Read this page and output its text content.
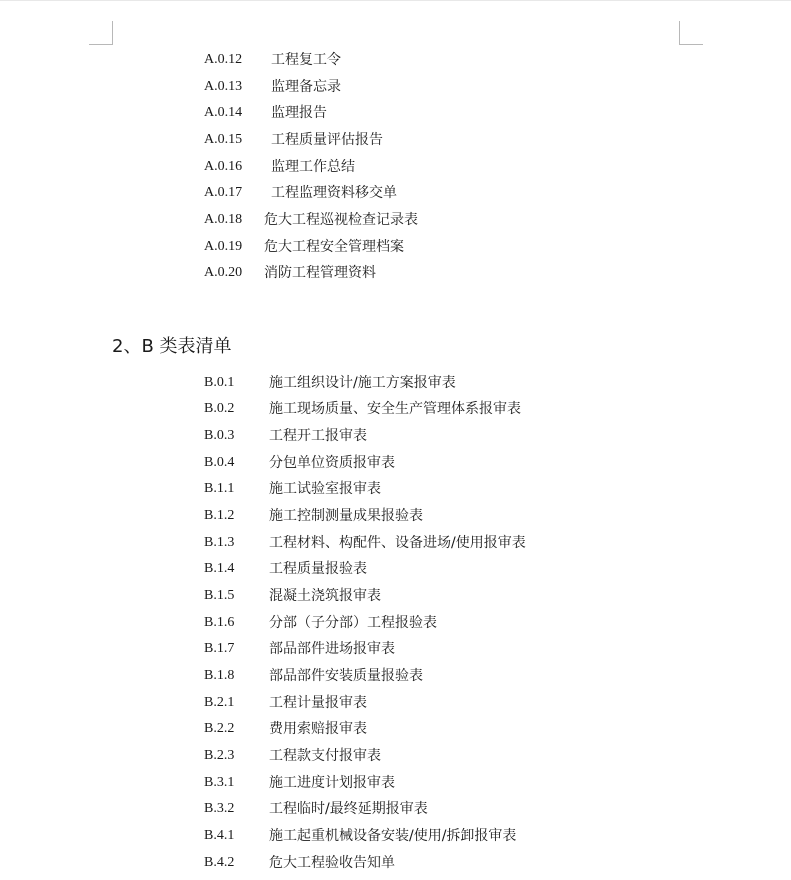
A.0.12 工程复工令
A.0.13 监理备忘录
A.0.14 监理报告
A.0.15 工程质量评估报告
A.0.16 监理工作总结
A.0.17 工程监理资料移交单
A.0.18 危大工程巡视检查记录表
A.0.19 危大工程安全管理档案
A.0.20 消防工程管理资料
2、B 类表清单
B.0.1 施工组织设计/施工方案报审表
B.0.2 施工现场质量、安全生产管理体系报审表
B.0.3 工程开工报审表
B.0.4 分包单位资质报审表
B.1.1 施工试验室报审表
B.1.2 施工控制测量成果报验表
B.1.3 工程材料、构配件、设备进场/使用报审表
B.1.4 工程质量报验表
B.1.5 混凝土浇筑报审表
B.1.6 分部（子分部）工程报验表
B.1.7 部品部件进场报审表
B.1.8 部品部件安装质量报验表
B.2.1 工程计量报审表
B.2.2 费用索赔报审表
B.2.3 工程款支付报审表
B.3.1 施工进度计划报审表
B.3.2 工程临时/最终延期报审表
B.4.1 施工起重机械设备安装/使用/拆卸报审表
B.4.2 危大工程验收告知单
